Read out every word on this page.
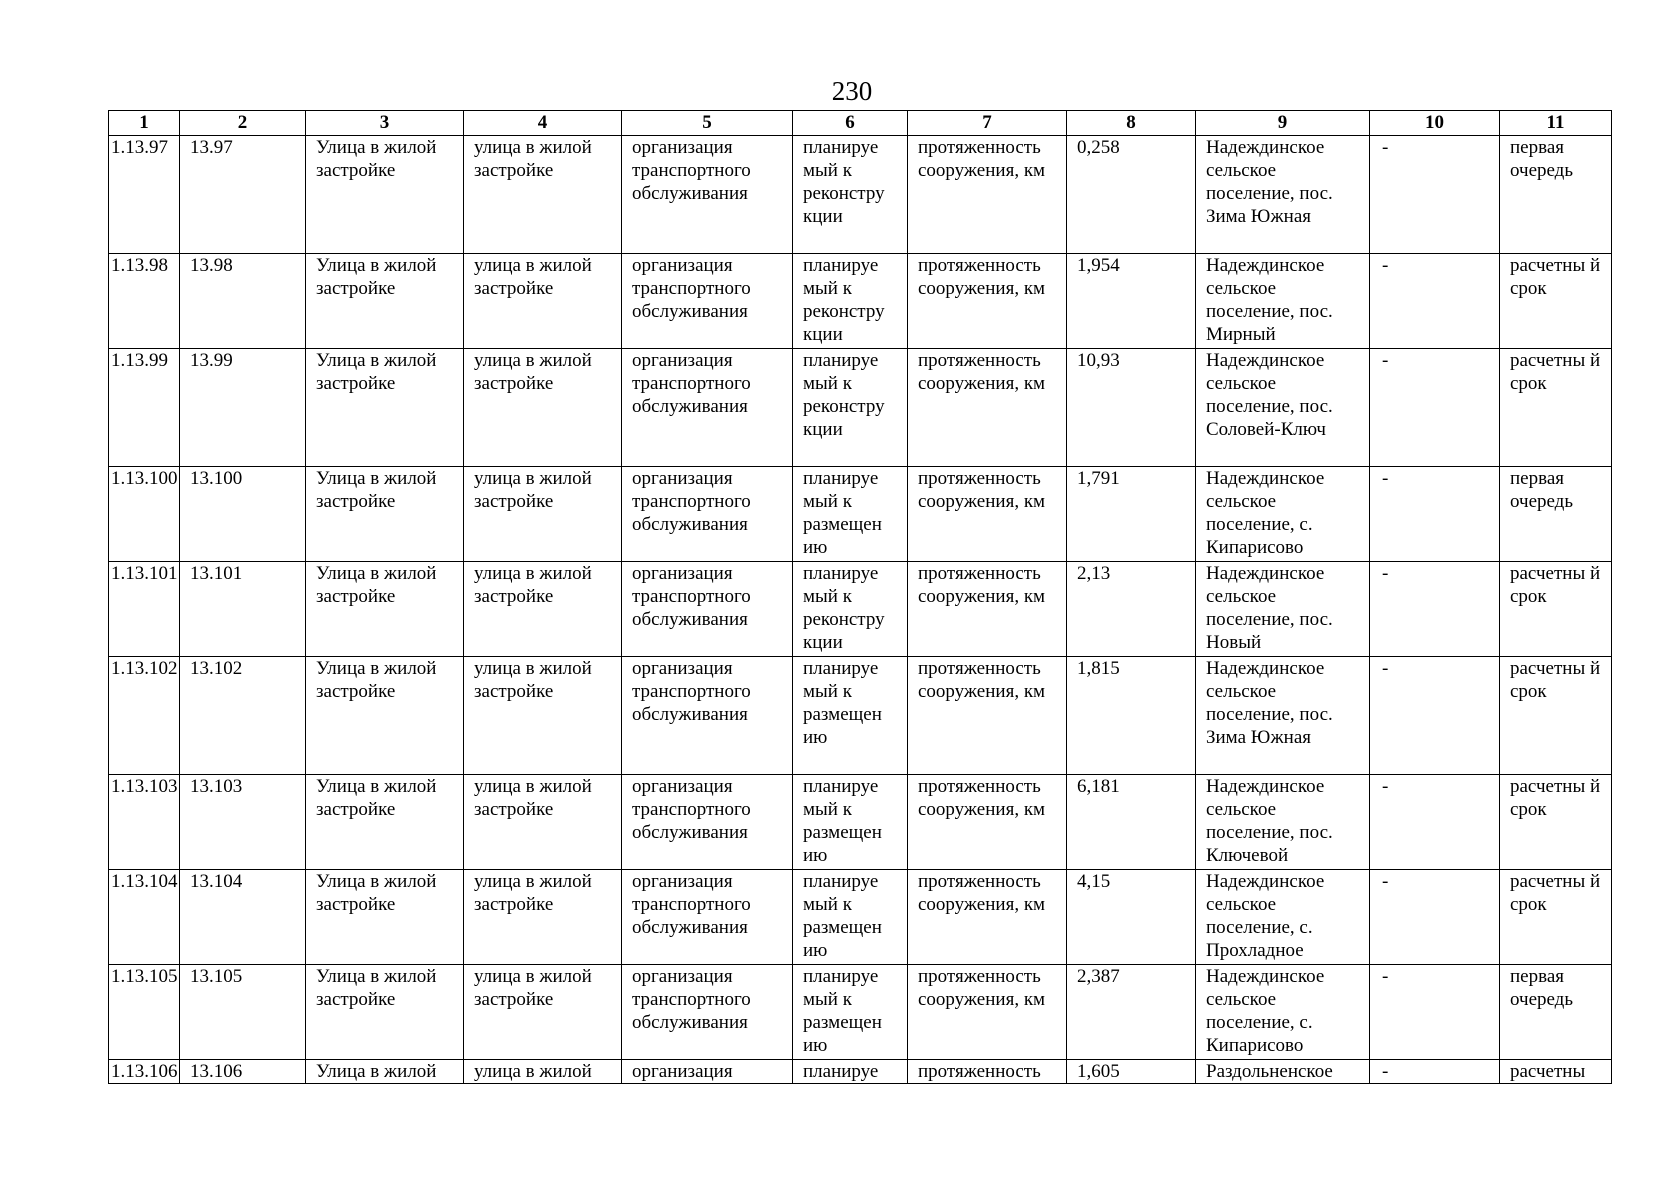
230
1	2	3	4	5	6	7	8	9	10	11
1.13.97	13.97	Улица в жилой застройке	улица в жилой застройке	организация транспортного обслуживания	планируе мый к реконстру кции	протяженность сооружения, км	0,258	Надеждинское сельское поселение, пос. Зима Южная	-	первая очередь
1.13.98	13.98	Улица в жилой застройке	улица в жилой застройке	организация транспортного обслуживания	планируе мый к реконстру кции	протяженность сооружения, км	1,954	Надеждинское сельское поселение, пос. Мирный	-	расчетны й срок
1.13.99	13.99	Улица в жилой застройке	улица в жилой застройке	организация транспортного обслуживания	планируе мый к реконстру кции	протяженность сооружения, км	10,93	Надеждинское сельское поселение, пос. Соловей-Ключ	-	расчетны й срок
1.13.100	13.100	Улица в жилой застройке	улица в жилой застройке	организация транспортного обслуживания	планируе мый к размещен ию	протяженность сооружения, км	1,791	Надеждинское сельское поселение, с. Кипарисово	-	первая очередь
1.13.101	13.101	Улица в жилой застройке	улица в жилой застройке	организация транспортного обслуживания	планируе мый к реконстру кции	протяженность сооружения, км	2,13	Надеждинское сельское поселение, пос. Новый	-	расчетны й срок
1.13.102	13.102	Улица в жилой застройке	улица в жилой застройке	организация транспортного обслуживания	планируе мый к размещен ию	протяженность сооружения, км	1,815	Надеждинское сельское поселение, пос. Зима Южная	-	расчетны й срок
1.13.103	13.103	Улица в жилой застройке	улица в жилой застройке	организация транспортного обслуживания	планируе мый к размещен ию	протяженность сооружения, км	6,181	Надеждинское сельское поселение, пос. Ключевой	-	расчетны й срок
1.13.104	13.104	Улица в жилой застройке	улица в жилой застройке	организация транспортного обслуживания	планируе мый к размещен ию	протяженность сооружения, км	4,15	Надеждинское сельское поселение, с. Прохладное	-	расчетны й срок
1.13.105	13.105	Улица в жилой застройке	улица в жилой застройке	организация транспортного обслуживания	планируе мый к размещен ию	протяженность сооружения, км	2,387	Надеждинское сельское поселение, с. Кипарисово	-	первая очередь
1.13.106	13.106	Улица в жилой	улица в жилой	организация	планируе	протяженность	1,605	Раздольненское	-	расчетны
